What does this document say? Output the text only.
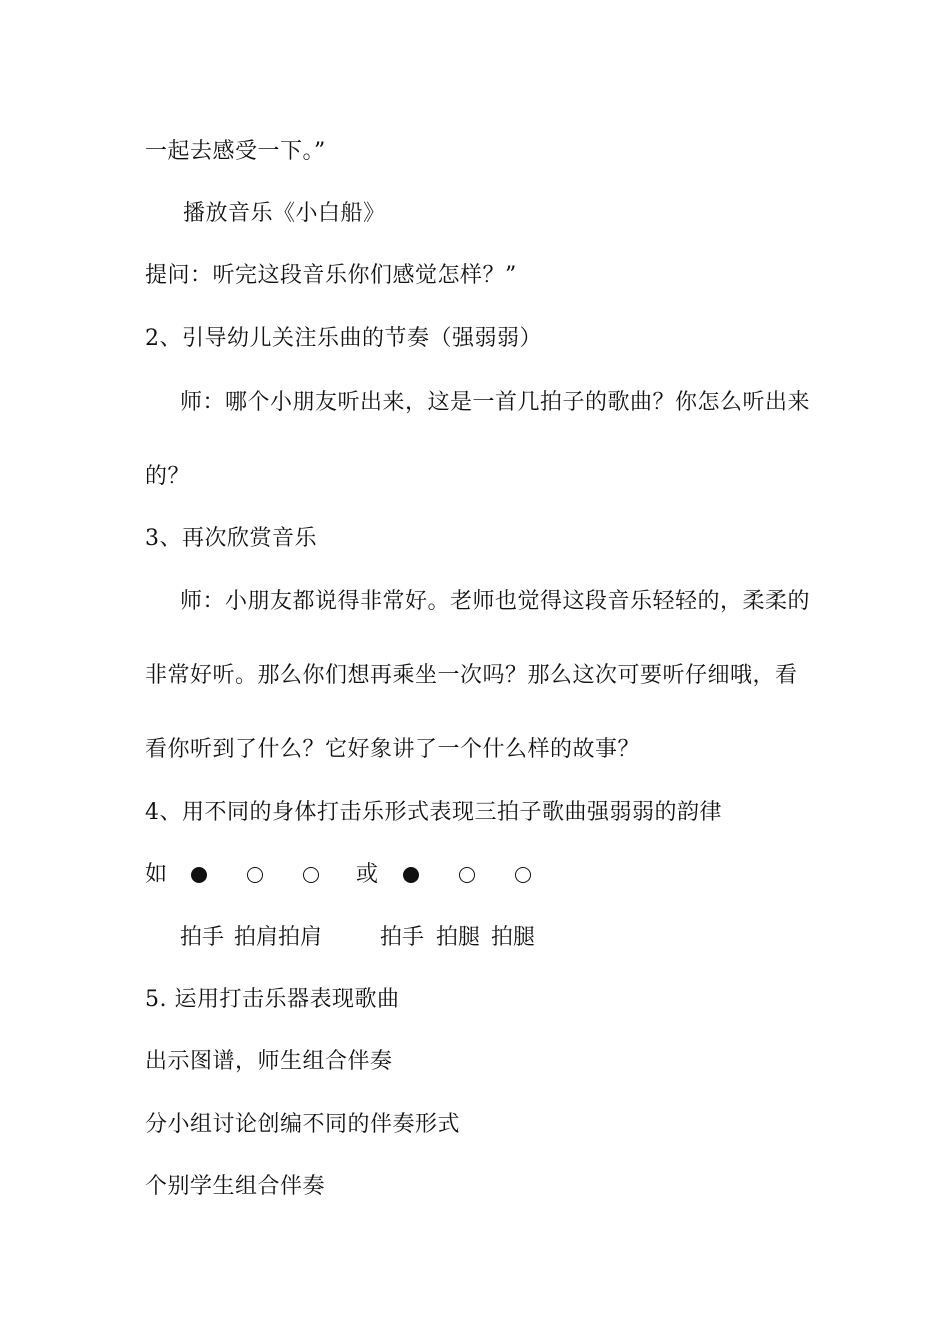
一起去感受一下。”
播放音乐《小白船》
提问：听完这段音乐你们感觉怎样？”
2、引导幼儿关注乐曲的节奏（强弱弱）
师：哪个小朋友听出来，这是一首几拍子的歌曲？你怎么听出来
的？
3、再次欣赏音乐
师：小朋友都说得非常好。老师也觉得这段音乐轻轻的，柔柔的
非常好听。那么你们想再乘坐一次吗？那么这次可要听仔细哦，看
看你听到了什么？它好象讲了一个什么样的故事？
4、用不同的身体打击乐形式表现三拍子歌曲强弱弱的韵律
如	或
拍手 拍肩拍肩	拍手 拍腿 拍腿
5. 运用打击乐器表现歌曲
出示图谱，师生组合伴奏
分小组讨论创编不同的伴奏形式
个别学生组合伴奏
